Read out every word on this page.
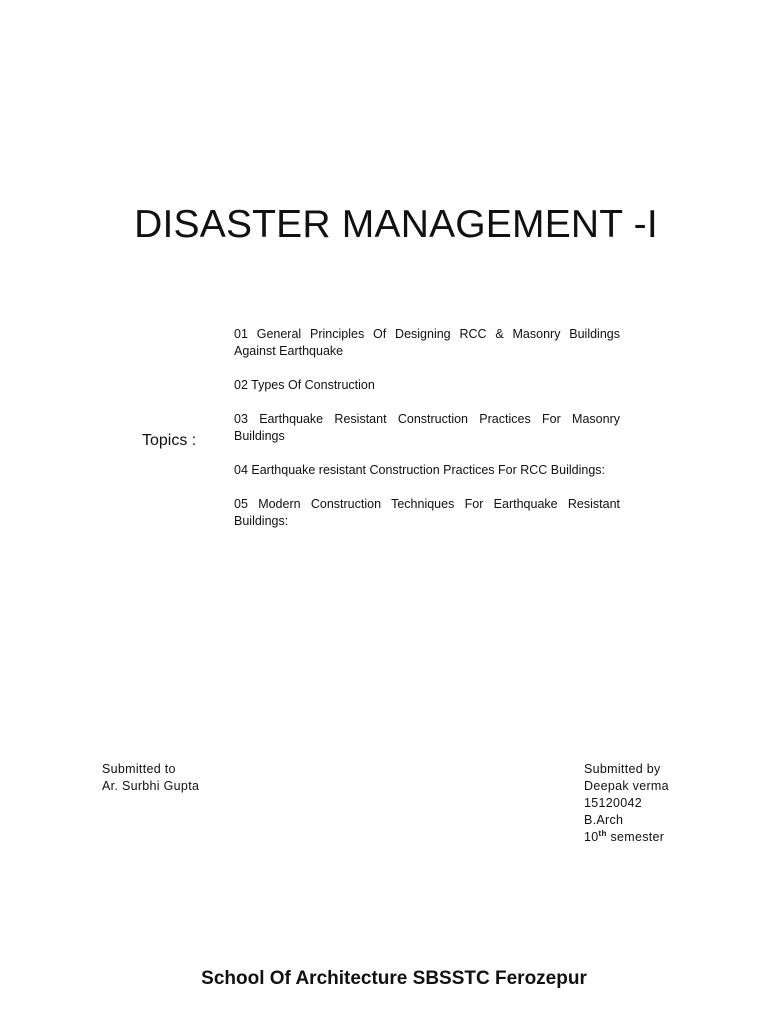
DISASTER MANAGEMENT -I
Topics :

01 General Principles Of Designing RCC & Masonry Buildings Against Earthquake

02 Types Of Construction

03 Earthquake Resistant Construction Practices For Masonry Buildings

04 Earthquake resistant Construction Practices For RCC Buildings:

05 Modern Construction Techniques For Earthquake Resistant Buildings:

Submitted to
Ar. Surbhi Gupta
Submitted by
Deepak verma
15120042
B.Arch
10th semester
School Of Architecture SBSSTC Ferozepur
